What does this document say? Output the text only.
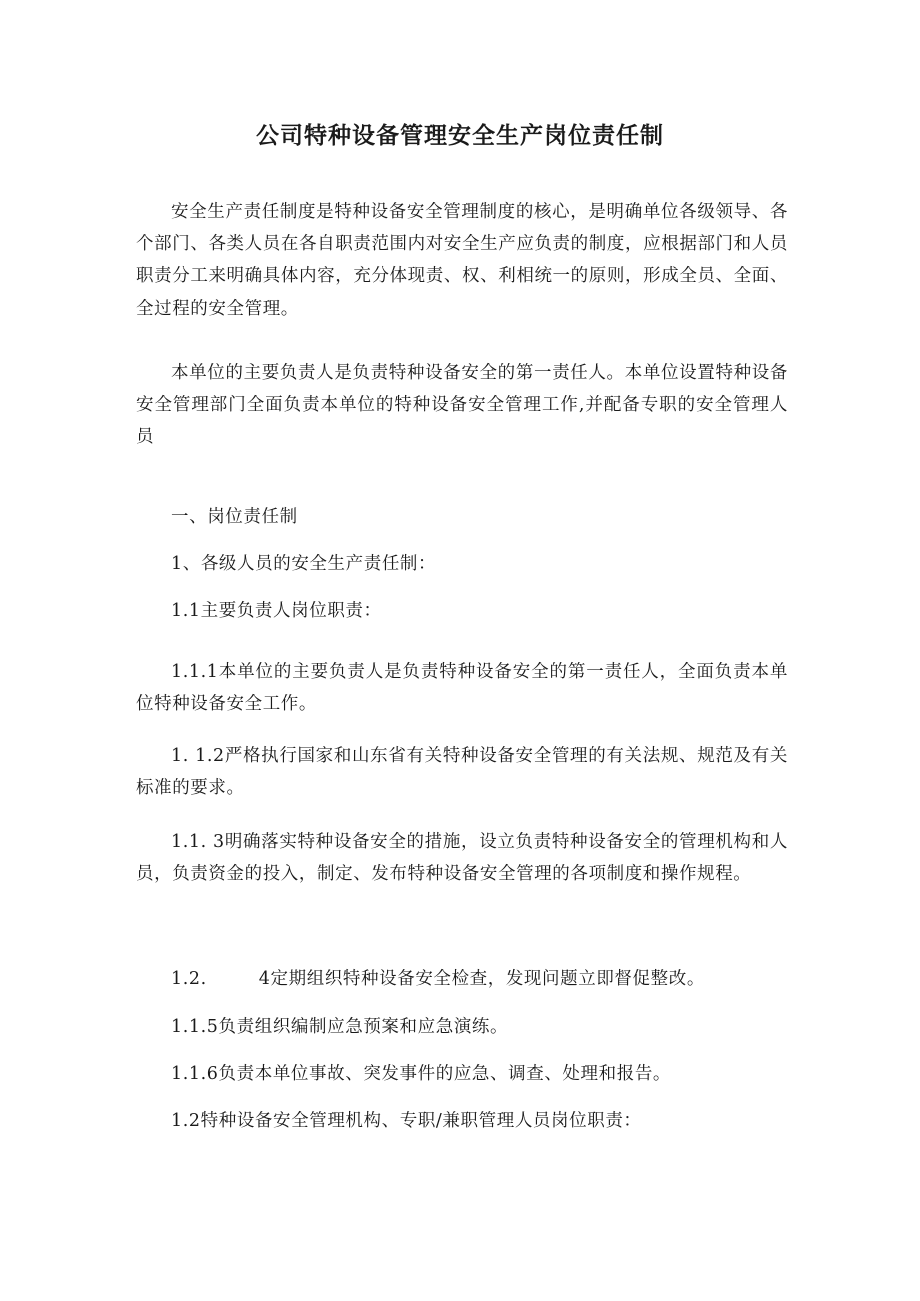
公司特种设备管理安全生产岗位责任制

安全生产责任制度是特种设备安全管理制度的核心，是明确单位各级领导、各个部门、各类人员在各自职责范围内对安全生产应负责的制度，应根据部门和人员职责分工来明确具体内容，充分体现责、权、利相统一的原则，形成全员、全面、全过程的安全管理。

本单位的主要负责人是负责特种设备安全的第一责任人。本单位设置特种设备安全管理部门全面负责本单位的特种设备安全管理工作,并配备专职的安全管理人员

一、岗位责任制

1、各级人员的安全生产责任制：

1.1主要负责人岗位职责：

1.1.1本单位的主要负责人是负责特种设备安全的第一责任人，全面负责本单位特种设备安全工作。

1. 1.2严格执行国家和山东省有关特种设备安全管理的有关法规、规范及有关标准的要求。

1.1. 3明确落实特种设备安全的措施，设立负责特种设备安全的管理机构和人员，负责资金的投入，制定、发布特种设备安全管理的各项制度和操作规程。

1.2.	4定期组织特种设备安全检查，发现问题立即督促整改。

1.1.5负责组织编制应急预案和应急演练。

1.1.6负责本单位事故、突发事件的应急、调查、处理和报告。

1.2特种设备安全管理机构、专职/兼职管理人员岗位职责：
